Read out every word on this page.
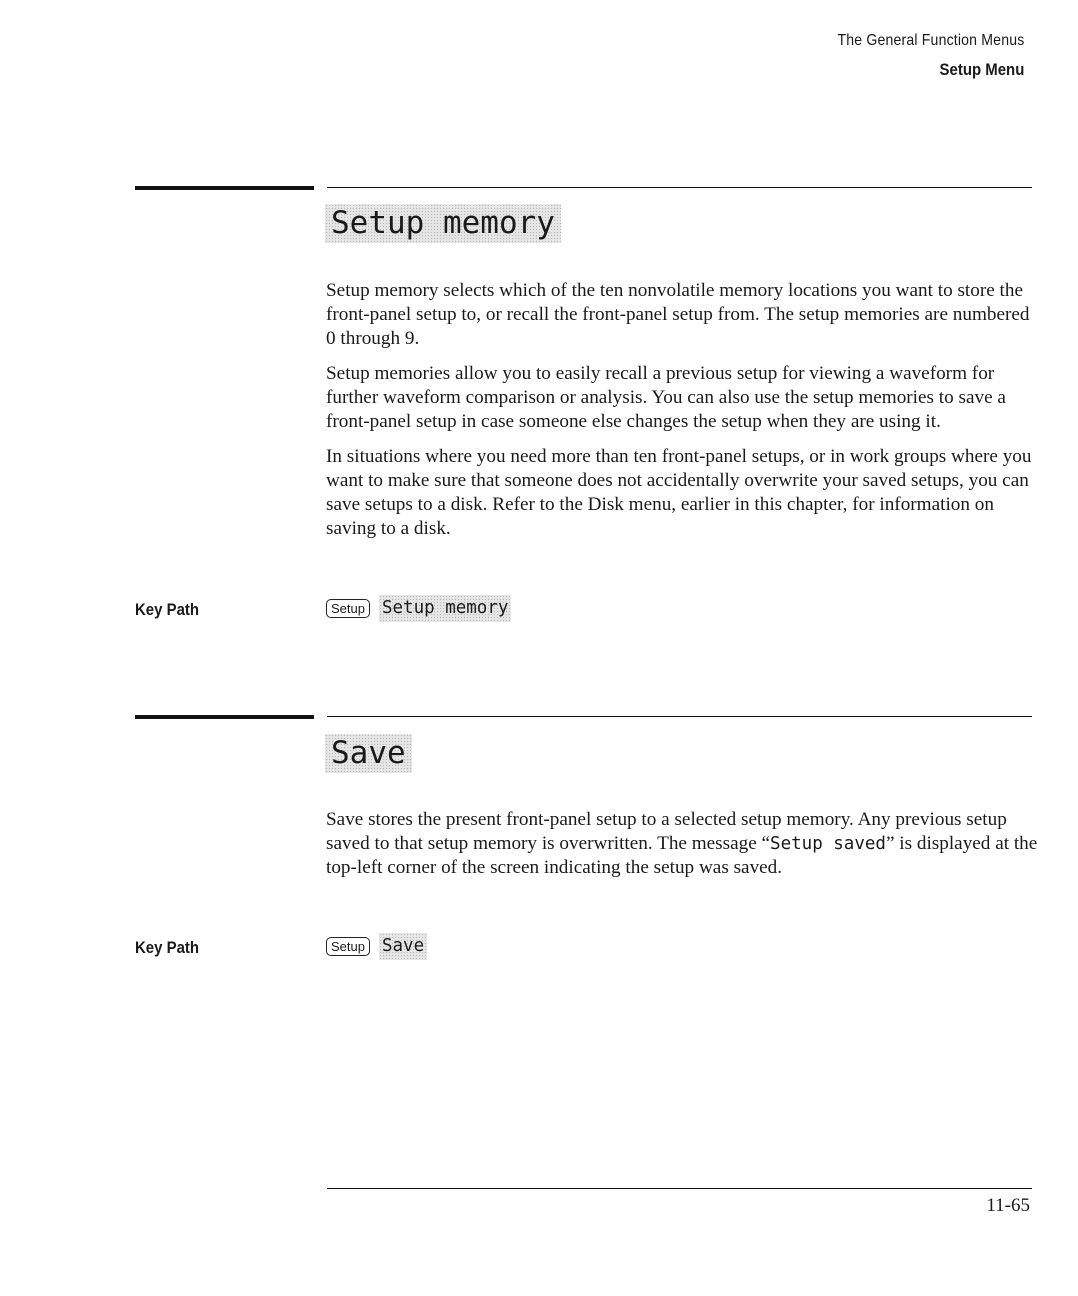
The General Function Menus
Setup Menu
Setup memory

Setup memory selects which of the ten nonvolatile memory locations you want to store the front-panel setup to, or recall the front-panel setup from. The setup memories are numbered 0 through 9.

Setup memories allow you to easily recall a previous setup for viewing a waveform for further waveform comparison or analysis. You can also use the setup memories to save a front-panel setup in case someone else changes the setup when they are using it.

In situations where you need more than ten front-panel setups, or in work groups where you want to make sure that someone does not accidentally overwrite your saved setups, you can save setups to a disk. Refer to the Disk menu, earlier in this chapter, for information on saving to a disk.

Key Path	Setup Setup memory
Save

Save stores the present front-panel setup to a selected setup memory. Any previous setup saved to that setup memory is overwritten. The message “Setup saved” is displayed at the top-left corner of the screen indicating the setup was saved.

Key Path	Setup Save
11-65
